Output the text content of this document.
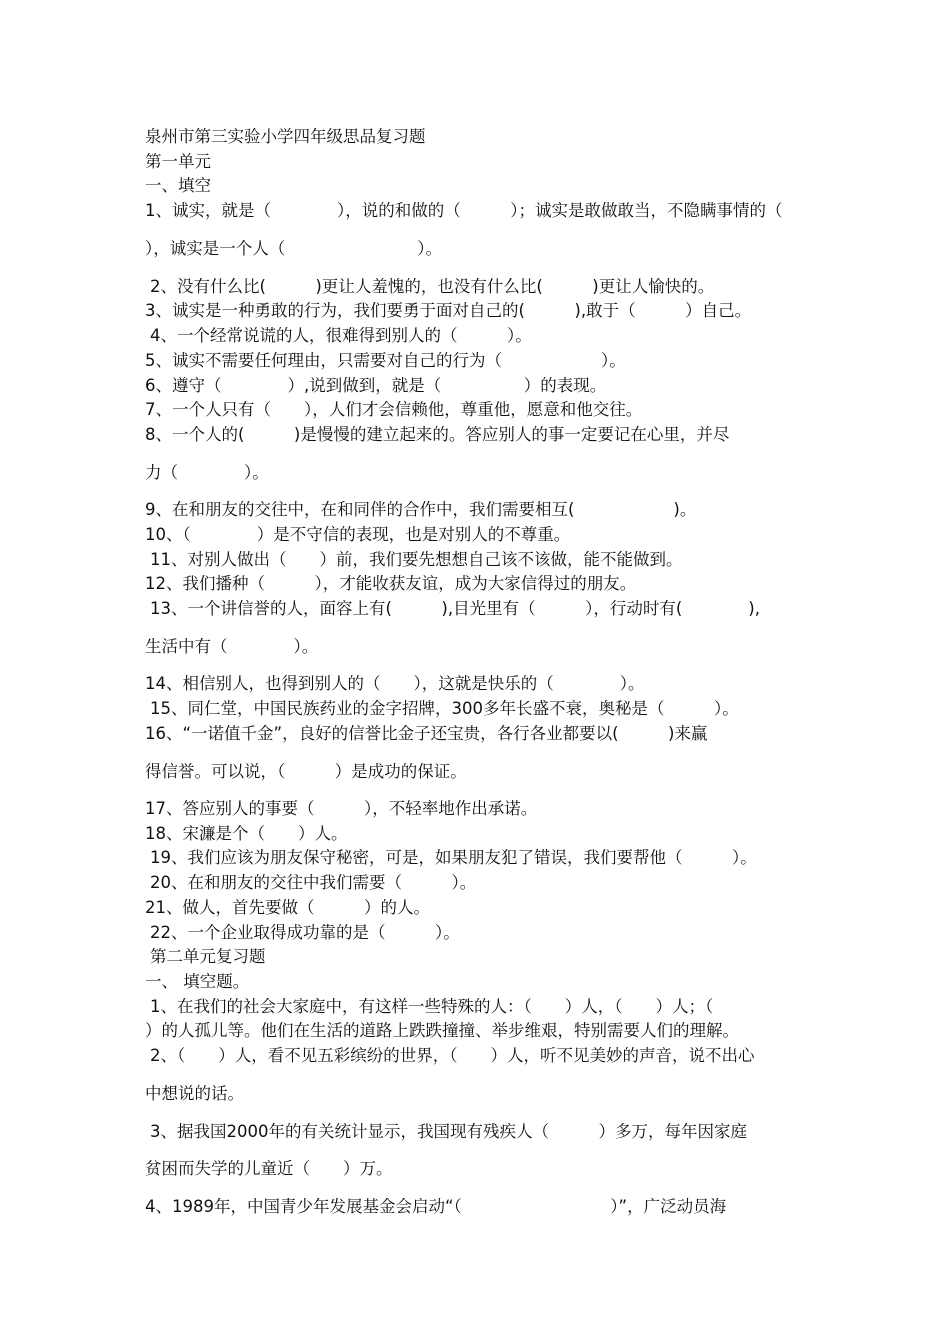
泉州市第三实验小学四年级思品复习题
第一单元
一、填空
1、诚实，就是（　　　　），说的和做的（　　　）；诚实是敢做敢当，不隐瞒事情的（
），诚实是一个人（　　　　　　　　）。
2、没有什么比(　　　)更让人羞愧的，也没有什么比(　　　)更让人愉快的。
3、诚实是一种勇敢的行为，我们要勇于面对自己的(　　　),敢于（　　　）自己。
4、一个经常说谎的人，很难得到别人的（　　　）。
5、诚实不需要任何理由，只需要对自己的行为（　　　　　　）。
6、遵守（　　　　）,说到做到，就是（　　　　　）的表现。
7、一个人只有（　　），人们才会信赖他，尊重他，愿意和他交往。
8、一个人的(　　　)是慢慢的建立起来的。答应别人的事一定要记在心里，并尽
力（　　　　）。
9、在和朋友的交往中，在和同伴的合作中，我们需要相互(　　　　　　)。
10、（　　　　）是不守信的表现，也是对别人的不尊重。
11、对别人做出（　　）前，我们要先想想自己该不该做，能不能做到。
12、我们播种（　　　），才能收获友谊，成为大家信得过的朋友。
13、一个讲信誉的人，面容上有(　　　),目光里有（　　　），行动时有(　　　　),
生活中有（　　　　）。
14、相信别人，也得到别人的（　　），这就是快乐的（　　　　）。
15、同仁堂，中国民族药业的金字招牌，300多年长盛不衰，奥秘是（　　　）。
16、“一诺值千金”，良好的信誉比金子还宝贵，各行各业都要以(　　　)来赢
得信誉。可以说，（　　　）是成功的保证。
17、答应别人的事要（　　　），不轻率地作出承诺。
18、宋濂是个（　　）人。
19、我们应该为朋友保守秘密，可是，如果朋友犯了错误，我们要帮他（　　　）。
20、在和朋友的交往中我们需要（　　　）。
21、做人，首先要做（　　　）的人。
22、一个企业取得成功靠的是（　　　）。
第二单元复习题
一、 填空题。
1、在我们的社会大家庭中，有这样一些特殊的人：（　　）人，（　　）人；（
）的人孤儿等。他们在生活的道路上跌跌撞撞、举步维艰，特别需要人们的理解。
2、（　　）人，看不见五彩缤纷的世界，（　　）人，听不见美妙的声音，说不出心
中想说的话。
3、据我国2000年的有关统计显示，我国现有残疾人（　　　）多万，每年因家庭
贫困而失学的儿童近（　　）万。
4、1989年，中国青少年发展基金会启动“（　　　　　　　　　）”，广泛动员海
